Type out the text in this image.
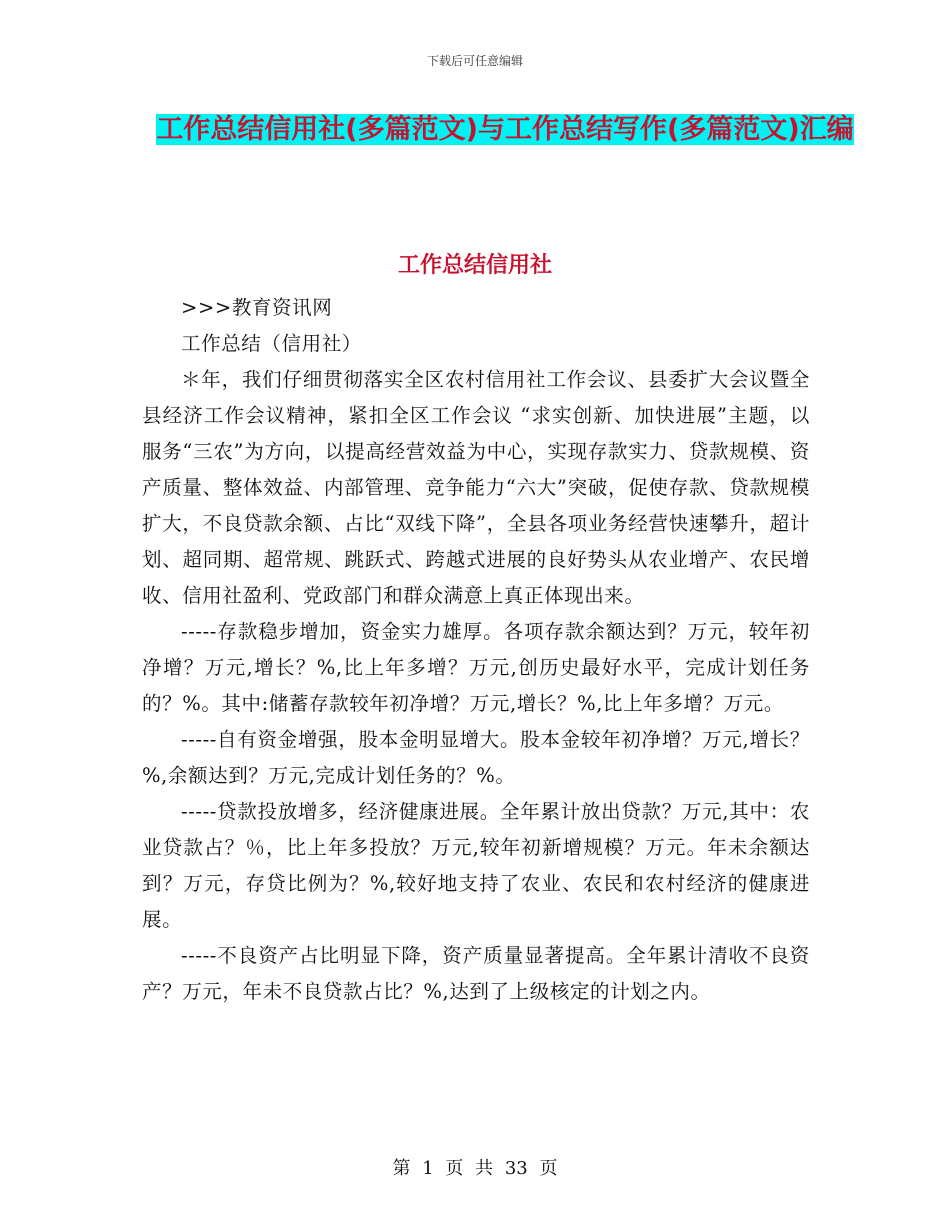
下载后可任意编辑
工作总结信用社(多篇范文)与工作总结写作(多篇范文)汇编
工作总结信用社

>>>教育资讯网

工作总结（信用社）

＊年，我们仔细贯彻落实全区农村信用社工作会议、县委扩大会议暨全县经济工作会议精神，紧扣全区工作会议 “求实创新、加快进展”主题，以服务“三农”为方向，以提高经营效益为中心，实现存款实力、贷款规模、资产质量、整体效益、内部管理、竞争能力“六大”突破，促使存款、贷款规模扩大，不良贷款余额、占比“双线下降”，全县各项业务经营快速攀升，超计划、超同期、超常规、跳跃式、跨越式进展的良好势头从农业增产、农民增收、信用社盈利、党政部门和群众满意上真正体现出来。

-----存款稳步增加，资金实力雄厚。各项存款余额达到？万元，较年初净增？万元,增长？%,比上年多增？万元,创历史最好水平，完成计划任务的？%。其中:储蓄存款较年初净增？万元,增长？%,比上年多增？万元。

-----自有资金增强，股本金明显增大。股本金较年初净增？万元,增长？%,余额达到？万元,完成计划任务的？%。

-----贷款投放增多，经济健康进展。全年累计放出贷款？万元,其中：农业贷款占？％，比上年多投放？万元,较年初新增规模？万元。年未余额达到？万元，存贷比例为？%,较好地支持了农业、农民和农村经济的健康进展。

-----不良资产占比明显下降，资产质量显著提高。全年累计清收不良资产？万元，年未不良贷款占比？%,达到了上级核定的计划之内。

第 1 页 共 33 页
